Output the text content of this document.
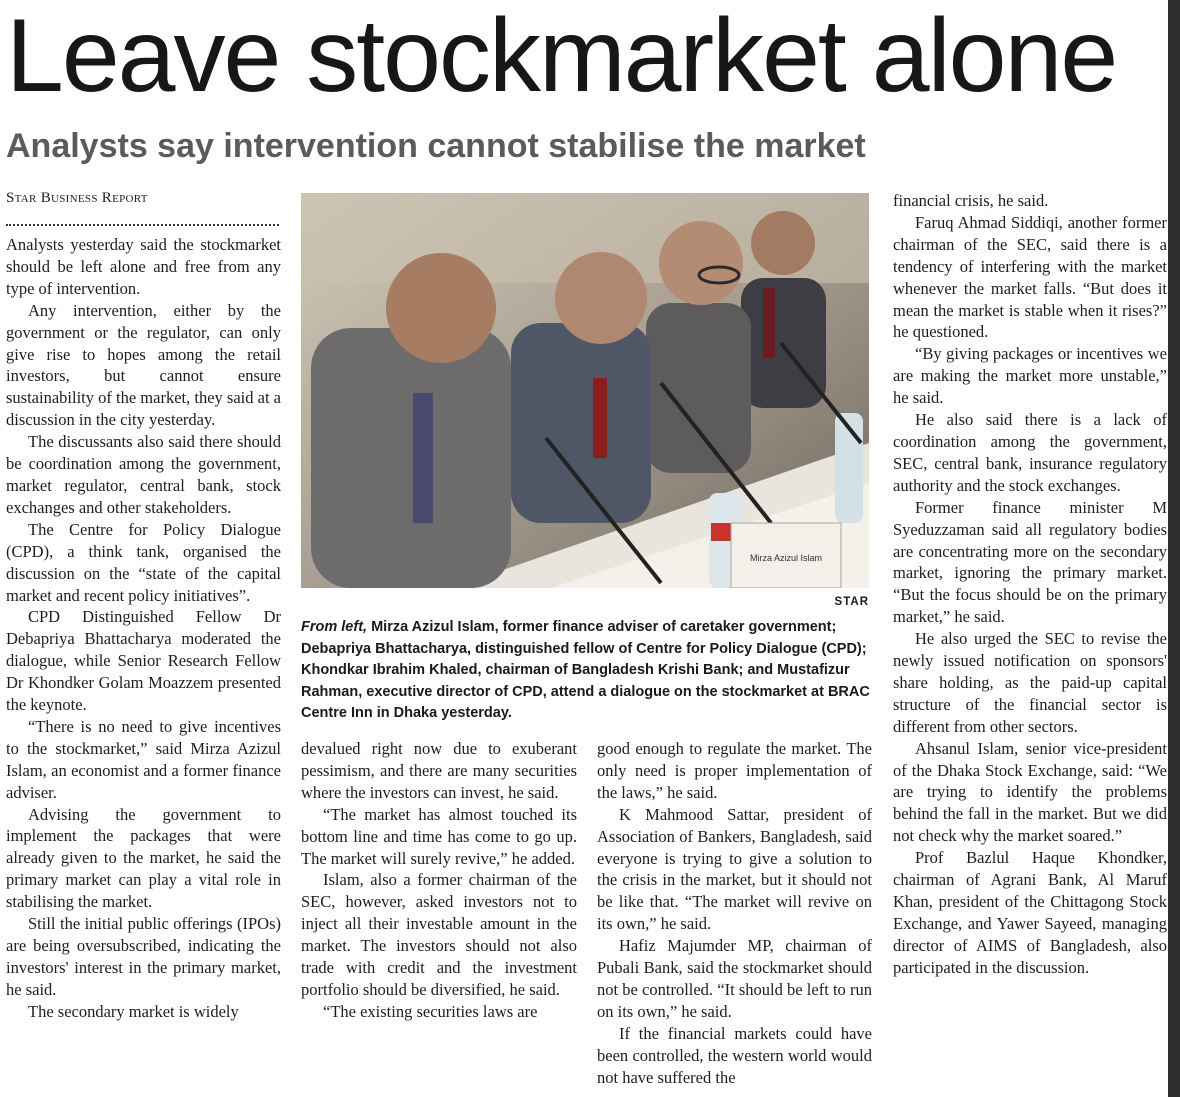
Leave stockmarket alone
Analysts say intervention cannot stabilise the market
Star Business Report

Analysts yesterday said the stockmarket should be left alone and free from any type of intervention.

Any intervention, either by the government or the regulator, can only give rise to hopes among the retail investors, but cannot ensure sustainability of the market, they said at a discussion in the city yesterday.

The discussants also said there should be coordination among the government, market regulator, central bank, stock exchanges and other stakeholders.

The Centre for Policy Dialogue (CPD), a think tank, organised the discussion on the “state of the capital market and recent policy initiatives”.

CPD Distinguished Fellow Dr Debapriya Bhattacharya moderated the dialogue, while Senior Research Fellow Dr Khondker Golam Moazzem presented the keynote.

“There is no need to give incentives to the stockmarket,” said Mirza Azizul Islam, an economist and a former finance adviser.

Advising the government to implement the packages that were already given to the market, he said the primary market can play a vital role in stabilising the market.

Still the initial public offerings (IPOs) are being oversubscribed, indicating the investors' interest in the primary market, he said.

The secondary market is widely

Mirza Azizul Islam
STAR
From left, Mirza Azizul Islam, former finance adviser of caretaker government; Debapriya Bhattacharya, distinguished fellow of Centre for Policy Dialogue (CPD); Khondkar Ibrahim Khaled, chairman of Bangladesh Krishi Bank; and Mustafizur Rahman, executive director of CPD, attend a dialogue on the stockmarket at BRAC Centre Inn in Dhaka yesterday.

devalued right now due to exuberant pessimism, and there are many securities where the investors can invest, he said.

“The market has almost touched its bottom line and time has come to go up. The market will surely revive,” he added.

Islam, also a former chairman of the SEC, however, asked investors not to inject all their investable amount in the market. The investors should not also trade with credit and the investment portfolio should be diversified, he said.

“The existing securities laws are

good enough to regulate the market. The only need is proper implementation of the laws,” he said.

K Mahmood Sattar, president of Association of Bankers, Bangladesh, said everyone is trying to give a solution to the crisis in the market, but it should not be like that. “The market will revive on its own,” he said.

Hafiz Majumder MP, chairman of Pubali Bank, said the stockmarket should not be controlled. “It should be left to run on its own,” he said.

If the financial markets could have been controlled, the western world would not have suffered the

financial crisis, he said.

Faruq Ahmad Siddiqi, another former chairman of the SEC, said there is a tendency of interfering with the market whenever the market falls. “But does it mean the market is stable when it rises?” he questioned.

“By giving packages or incentives we are making the market more unstable,” he said.

He also said there is a lack of coordination among the government, SEC, central bank, insurance regulatory authority and the stock exchanges.

Former finance minister M Syeduzzaman said all regulatory bodies are concentrating more on the secondary market, ignoring the primary market. “But the focus should be on the primary market,” he said.

He also urged the SEC to revise the newly issued notification on sponsors' share holding, as the paid-up capital structure of the financial sector is different from other sectors.

Ahsanul Islam, senior vice-president of the Dhaka Stock Exchange, said: “We are trying to identify the problems behind the fall in the market. But we did not check why the market soared.”

Prof Bazlul Haque Khondker, chairman of Agrani Bank, Al Maruf Khan, president of the Chittagong Stock Exchange, and Yawer Sayeed, managing director of AIMS of Bangladesh, also participated in the discussion.
